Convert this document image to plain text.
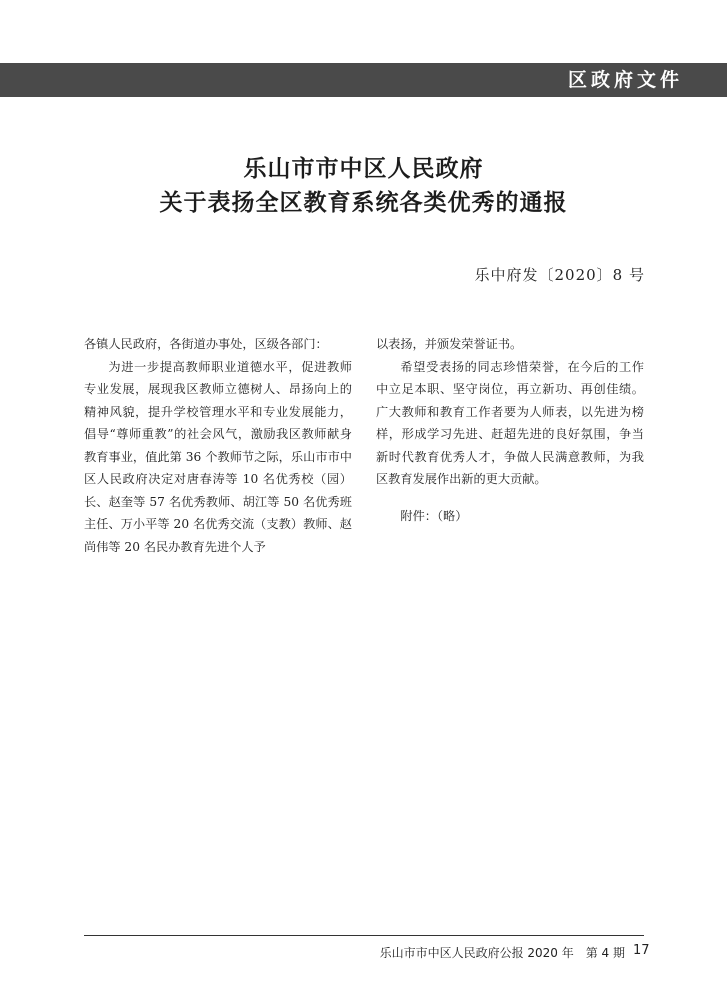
区政府文件
乐山市市中区人民政府
关于表扬全区教育系统各类优秀的通报
乐中府发〔2020〕8 号

各镇人民政府，各街道办事处，区级各部门：

为进一步提高教师职业道德水平，促进教师专业发展，展现我区教师立德树人、昂扬向上的精神风貌，提升学校管理水平和专业发展能力，倡导“尊师重教”的社会风气，激励我区教师献身教育事业，值此第 36 个教师节之际，乐山市市中区人民政府决定对唐春涛等 10 名优秀校（园）长、赵奎等 57 名优秀教师、胡江等 50 名优秀班主任、万小平等 20 名优秀交流（支教）教师、赵尚伟等 20 名民办教育先进个人予

以表扬，并颁发荣誉证书。

希望受表扬的同志珍惜荣誉，在今后的工作中立足本职、坚守岗位，再立新功、再创佳绩。广大教师和教育工作者要为人师表，以先进为榜样，形成学习先进、赶超先进的良好氛围，争当新时代教育优秀人才，争做人民满意教师，为我区教育发展作出新的更大贡献。

附件：（略）

乐山市市中区人民政府公报 2020 年　第 4 期 17
